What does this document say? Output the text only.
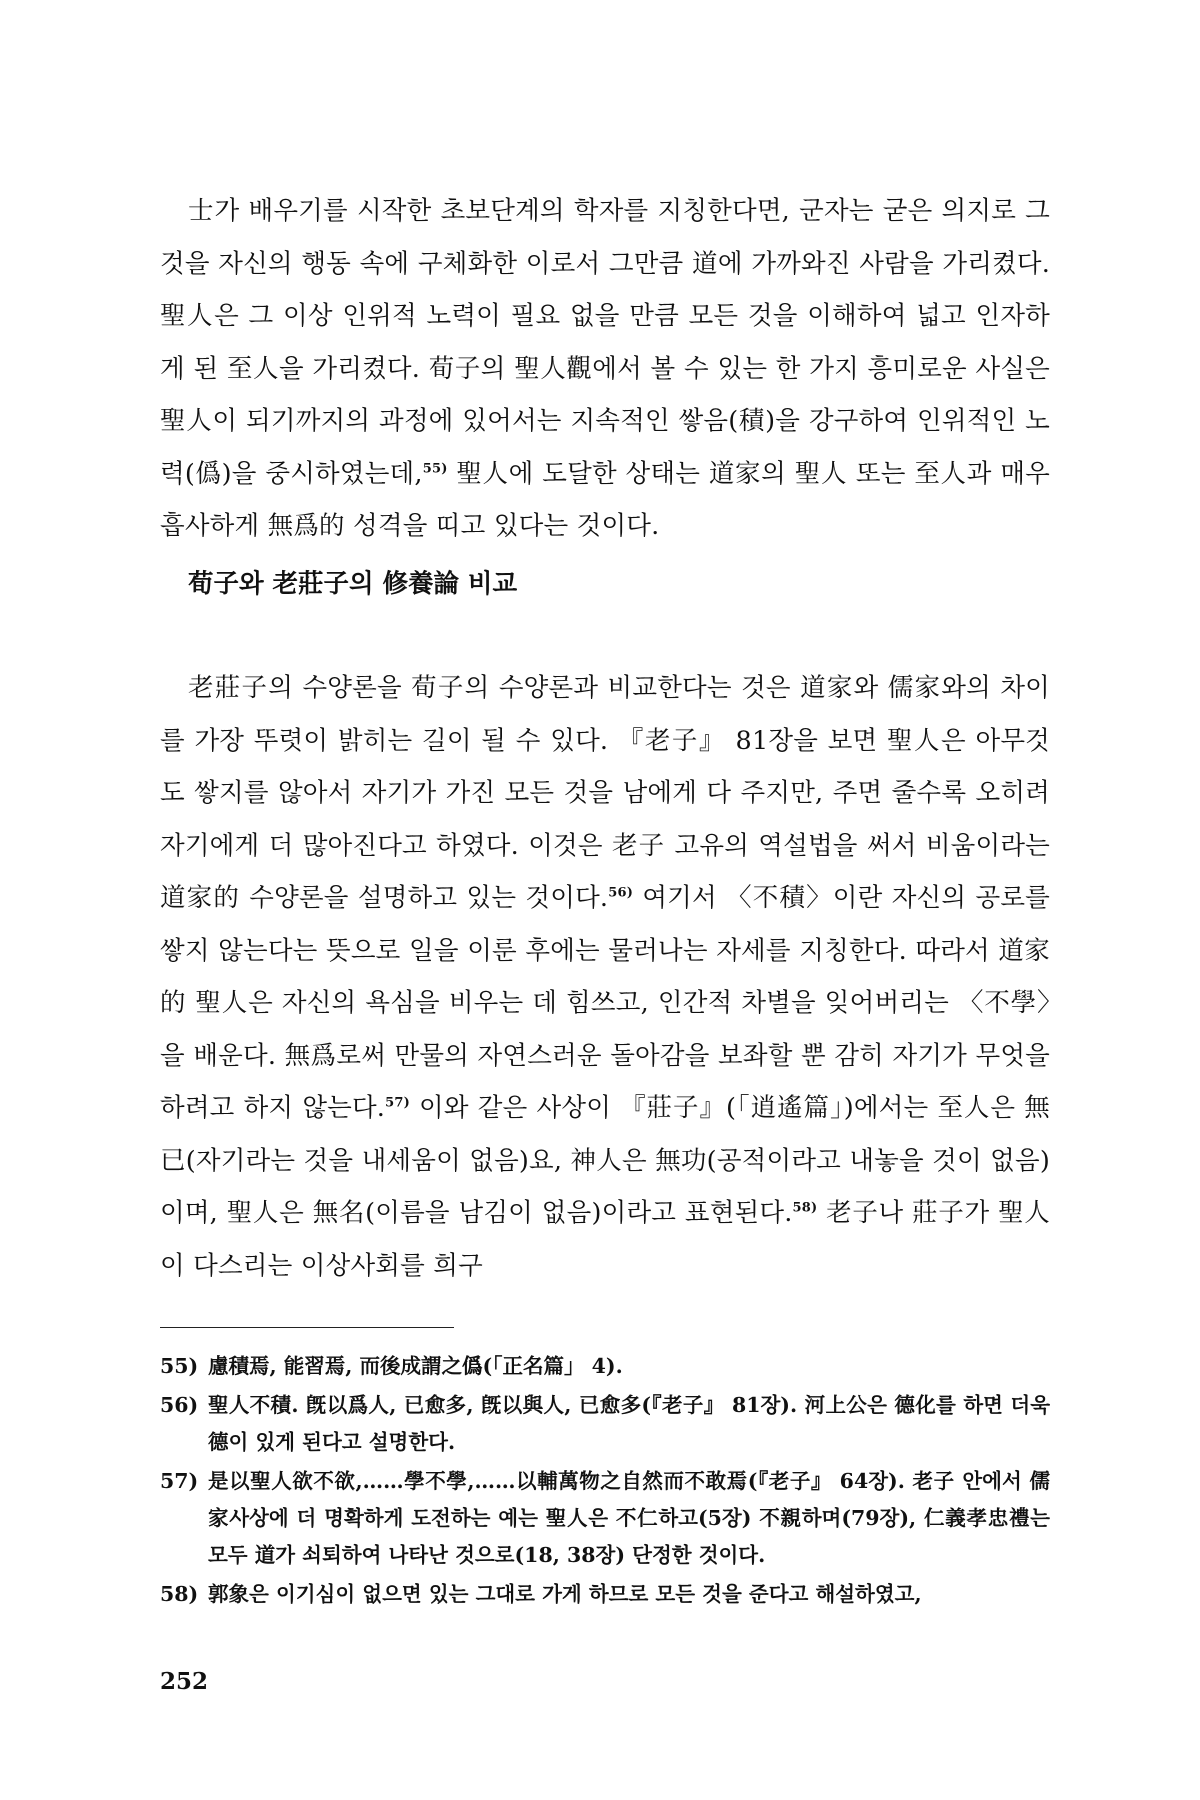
士가 배우기를 시작한 초보단계의 학자를 지칭한다면, 군자는 굳은 의지로 그것을 자신의 행동 속에 구체화한 이로서 그만큼 道에 가까와진 사람을 가리켰다. 聖人은 그 이상 인위적 노력이 필요 없을 만큼 모든 것을 이해하여 넓고 인자하게 된 至人을 가리켰다. 荀子의 聖人觀에서 볼 수 있는 한 가지 흥미로운 사실은 聖人이 되기까지의 과정에 있어서는 지속적인 쌓음(積)을 강구하여 인위적인 노력(僞)을 중시하였는데,$^{55)}$ 聖人에 도달한 상태는 道家의 聖人 또는 至人과 매우 흡사하게 無爲的 성격을 띠고 있다는 것이다.

荀子와 老莊子의 修養論 비교

老莊子의 수양론을 荀子의 수양론과 비교한다는 것은 道家와 儒家와의 차이를 가장 뚜렷이 밝히는 길이 될 수 있다. 『老子』 81장을 보면 聖人은 아무것도 쌓지를 않아서 자기가 가진 모든 것을 남에게 다 주지만, 주면 줄수록 오히려 자기에게 더 많아진다고 하였다. 이것은 老子 고유의 역설법을 써서 비움이라는 道家的 수양론을 설명하고 있는 것이다.$^{56)}$ 여기서 〈不積〉이란 자신의 공로를 쌓지 않는다는 뜻으로 일을 이룬 후에는 물러나는 자세를 지칭한다. 따라서 道家的 聖人은 자신의 욕심을 비우는 데 힘쓰고, 인간적 차별을 잊어버리는 〈不學〉을 배운다. 無爲로써 만물의 자연스러운 돌아감을 보좌할 뿐 감히 자기가 무엇을 하려고 하지 않는다.$^{57)}$ 이와 같은 사상이 『莊子』(「逍遙篇」)에서는 至人은 無已(자기라는 것을 내세움이 없음)요, 神人은 無功(공적이라고 내놓을 것이 없음)이며, 聖人은 無名(이름을 남김이 없음)이라고 표현된다.$^{58)}$ 老子나 莊子가 聖人이 다스리는 이상사회를 희구

55) 慮積焉, 能習焉, 而後成謂之僞(「正名篇」 4).
56) 聖人不積. 旣以爲人, 已愈多, 旣以與人, 已愈多(『老子』 81장). 河上公은 德化를 하면 더욱 德이 있게 된다고 설명한다.
57) 是以聖人欲不欲,……學不學,……以輔萬物之自然而不敢焉(『老子』 64장). 老子 안에서 儒家사상에 더 명확하게 도전하는 예는 聖人은 不仁하고(5장) 不親하며(79장), 仁義孝忠禮는 모두 道가 쇠퇴하여 나타난 것으로(18, 38장) 단정한 것이다.
58) 郭象은 이기심이 없으면 있는 그대로 가게 하므로 모든 것을 준다고 해설하였고,
252
